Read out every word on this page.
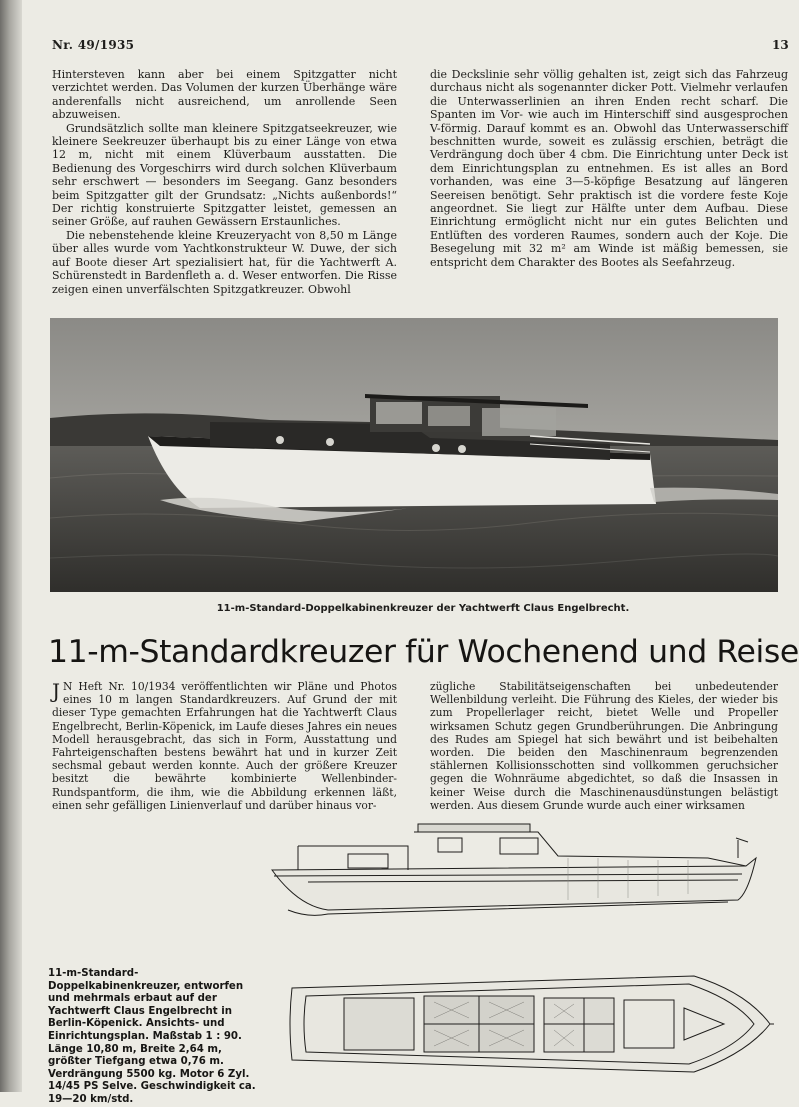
Nr. 49/1935	13

Hintersteven kann aber bei einem Spitzgatter nicht verzichtet werden. Das Volumen der kurzen Überhänge wäre anderenfalls nicht ausreichend, um anrollende Seen abzuweisen.

Grundsätzlich sollte man kleinere Spitzgatseekreuzer, wie kleinere Seekreuzer überhaupt bis zu einer Länge von etwa 12 m, nicht mit einem Klüverbaum ausstatten. Die Bedienung des Vorgeschirrs wird durch solchen Klüverbaum sehr erschwert — besonders im Seegang. Ganz besonders beim Spitzgatter gilt der Grundsatz: „Nichts außenbords!“ Der richtig konstruierte Spitzgatter leistet, gemessen an seiner Größe, auf rauhen Gewässern Erstaunliches.

Die nebenstehende kleine Kreuzeryacht von 8,50 m Länge über alles wurde vom Yachtkonstrukteur W. Duwe, der sich auf Boote dieser Art spezialisiert hat, für die Yachtwerft A. Schürenstedt in Bardenfleth a. d. Weser entworfen. Die Risse zeigen einen unverfälschten Spitzgatkreuzer. Obwohl

die Deckslinie sehr völlig gehalten ist, zeigt sich das Fahrzeug durchaus nicht als sogenannter dicker Pott. Vielmehr verlaufen die Unterwasserlinien an ihren Enden recht scharf. Die Spanten im Vor- wie auch im Hinterschiff sind ausgesprochen V-förmig. Darauf kommt es an. Obwohl das Unterwasserschiff beschnitten wurde, soweit es zulässig erschien, beträgt die Verdrängung doch über 4 cbm. Die Einrichtung unter Deck ist dem Einrichtungsplan zu entnehmen. Es ist alles an Bord vorhanden, was eine 3—5-köpfige Besatzung auf längeren Seereisen benötigt. Sehr praktisch ist die vordere feste Koje angeordnet. Sie liegt zur Hälfte unter dem Aufbau. Diese Einrichtung ermöglicht nicht nur ein gutes Belichten und Entlüften des vorderen Raumes, sondern auch der Koje. Die Besegelung mit 32 m² am Winde ist mäßig bemessen, sie entspricht dem Charakter des Bootes als Seefahrzeug.

11-m-Standard-Doppelkabinenkreuzer der Yachtwerft Claus Engelbrecht.
11-m-Standardkreuzer für Wochenend und Reise

J N Heft Nr. 10/1934 veröffentlichten wir Pläne und Photos eines 10 m langen Standardkreuzers. Auf Grund der mit dieser Type gemachten Erfahrungen hat die Yachtwerft Claus Engelbrecht, Berlin-Köpenick, im Laufe dieses Jahres ein neues Modell herausgebracht, das sich in Form, Ausstattung und Fahrteigenschaften bestens bewährt hat und in kurzer Zeit sechsmal gebaut werden konnte. Auch der größere Kreuzer besitzt die bewährte kombinierte Wellenbinder-Rundspantform, die ihm, wie die Abbildung erkennen läßt, einen sehr gefälligen Linienverlauf und darüber hinaus vor-

zügliche Stabilitätseigenschaften bei unbedeutender Wellenbildung verleiht. Die Führung des Kieles, der wieder bis zum Propellerlager reicht, bietet Welle und Propeller wirksamen Schutz gegen Grundberührungen. Die Anbringung des Rudes am Spiegel hat sich bewährt und ist beibehalten worden. Die beiden den Maschinenraum begrenzenden stählernen Kollisionsschotten sind vollkommen geruchsicher gegen die Wohnräume abgedichtet, so daß die Insassen in keiner Weise durch die Maschinenausdünstungen belästigt werden. Aus diesem Grunde wurde auch einer wirksamen

11-m-Standard-Doppelkabinenkreuzer, entworfen und mehrmals erbaut auf der Yachtwerft Claus Engelbrecht in Berlin-Köpenick. Ansichts- und Einrichtungsplan. Maßstab 1 : 90. Länge 10,80 m, Breite 2,64 m, größter Tiefgang etwa 0,76 m. Verdrängung 5500 kg. Motor 6 Zyl. 14/45 PS Selve. Geschwindigkeit ca. 19—20 km/std.
